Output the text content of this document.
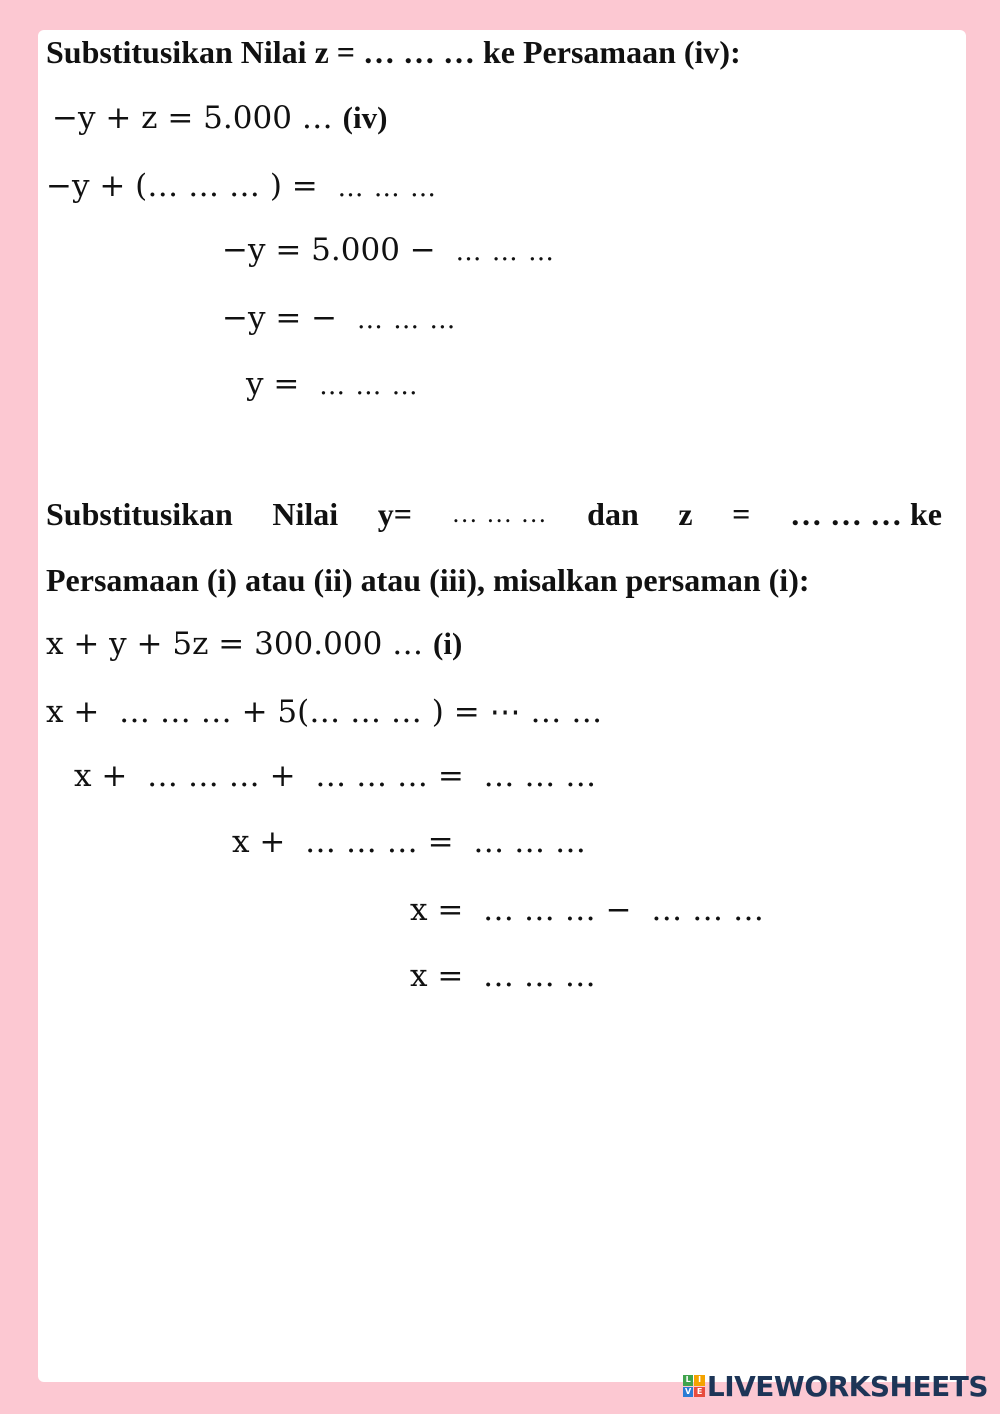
Substitusikan Nilai z = … … … ke Persamaan (iv):
−y + z = 5.000 … (iv)
−y + (… … … ) = … … …
−y = 5.000 − … … …
−y = − … … …
y = … … …
Substitusikan Nilai y= … … … dan z = … … … ke
Persamaan (i) atau (ii) atau (iii), misalkan persaman (i):
x + y + 5z = 300.000 … (i)
x +  … … … + 5(… … … ) = ⋯ … …
x +  … … … +  … … … =  … … …
x +  … … … =  … … …
x =  … … … −  … … …
x =  … … …
L I
V E LIVEWORKSHEETS
